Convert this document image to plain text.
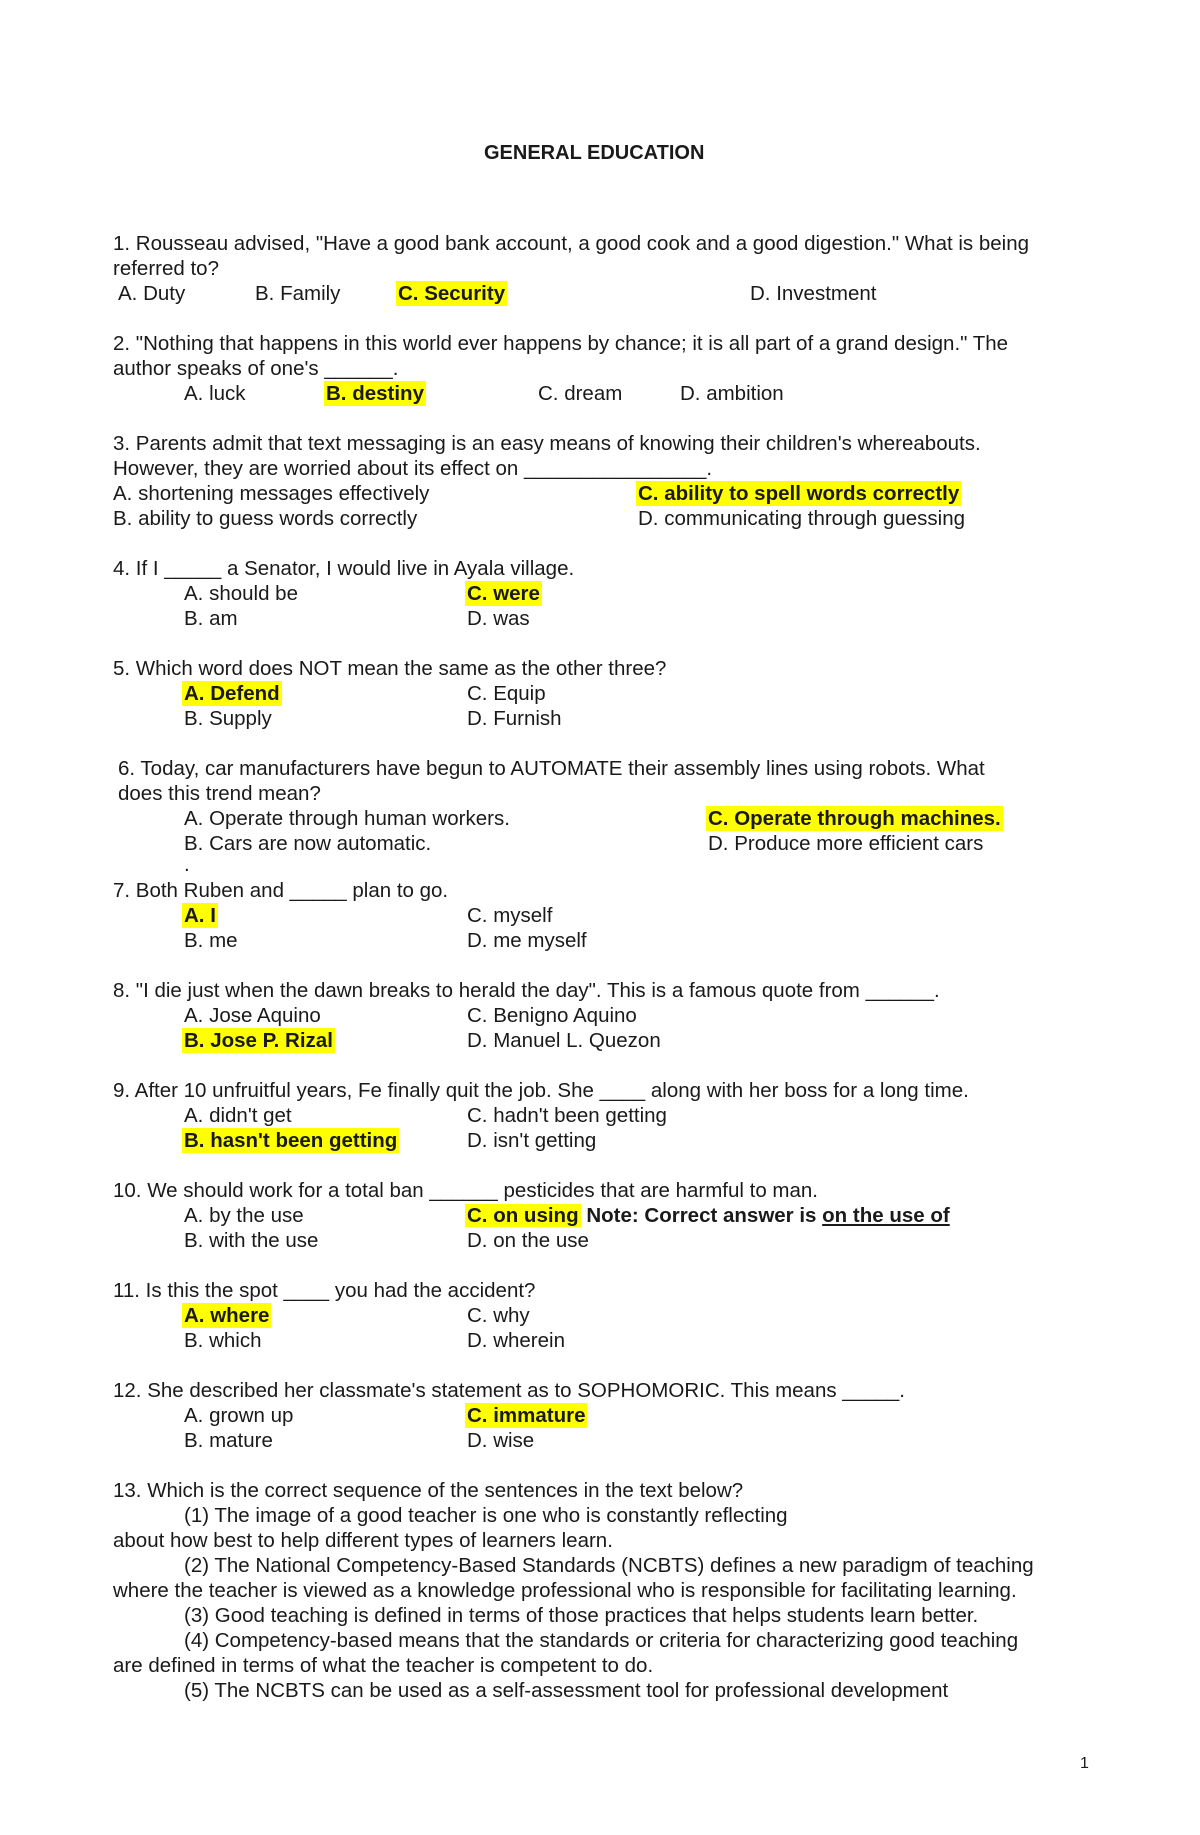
GENERAL EDUCATION
1. Rousseau advised, "Have a good bank account, a good cook and a good digestion." What is being
referred to?
A. Duty	B. Family	C. Security	D. Investment
2. "Nothing that happens in this world ever happens by chance; it is all part of a grand design." The
author speaks of one's ______.
A. luck	B. destiny	C. dream	D. ambition
3. Parents admit that text messaging is an easy means of knowing their children's whereabouts.
However, they are worried about its effect on ________________.
A. shortening messages effectively	C. ability to spell words correctly
B. ability to guess words correctly	D. communicating through guessing
4. If I _____ a Senator, I would live in Ayala village.
A. should be	C. were
B. am	D. was
5. Which word does NOT mean the same as the other three?
A. Defend	C. Equip
B. Supply	D. Furnish
6. Today, car manufacturers have begun to AUTOMATE their assembly lines using robots. What
does this trend mean?
A. Operate through human workers.	C. Operate through machines.
B. Cars are now automatic.	D. Produce more efficient cars
.
7. Both Ruben and _____ plan to go.
A. I	C. myself
B. me	D. me myself
8. "I die just when the dawn breaks to herald the day". This is a famous quote from ______.
A. Jose Aquino	C. Benigno Aquino
B. Jose P. Rizal	D. Manuel L. Quezon
9. After 10 unfruitful years, Fe finally quit the job. She ____ along with her boss for a long time.
A. didn't get	C. hadn't been getting
B. hasn't been getting	D. isn't getting
10. We should work for a total ban ______ pesticides that are harmful to man.
A. by the use	C. on using Note: Correct answer is on the use of
B. with the use	D. on the use
11. Is this the spot ____ you had the accident?
A. where	C. why
B. which	D. wherein
12. She described her classmate's statement as to SOPHOMORIC. This means _____.
A. grown up	C. immature
B. mature	D. wise
13. Which is the correct sequence of the sentences in the text below?
(1) The image of a good teacher is one who is constantly reflecting
about how best to help different types of learners learn.
(2) The National Competency-Based Standards (NCBTS) defines a new paradigm of teaching
where the teacher is viewed as a knowledge professional who is responsible for facilitating learning.
(3) Good teaching is defined in terms of those practices that helps students learn better.
(4) Competency-based means that the standards or criteria for characterizing good teaching
are defined in terms of what the teacher is competent to do.
(5) The NCBTS can be used as a self-assessment tool for professional development
1
